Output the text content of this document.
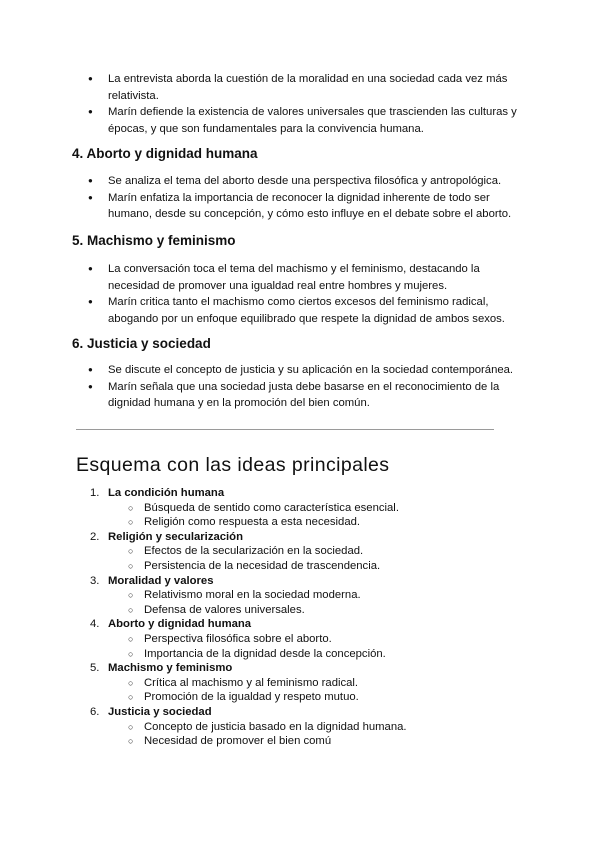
● La entrevista aborda la cuestión de la moralidad en una sociedad cada vez más relativista.
● Marín defiende la existencia de valores universales que trascienden las culturas y épocas, y que son fundamentales para la convivencia humana.
4. Aborto y dignidad humana
● Se analiza el tema del aborto desde una perspectiva filosófica y antropológica.
● Marín enfatiza la importancia de reconocer la dignidad inherente de todo ser humano, desde su concepción, y cómo esto influye en el debate sobre el aborto.
5. Machismo y feminismo
● La conversación toca el tema del machismo y el feminismo, destacando la necesidad de promover una igualdad real entre hombres y mujeres.
● Marín critica tanto el machismo como ciertos excesos del feminismo radical, abogando por un enfoque equilibrado que respete la dignidad de ambos sexos.
6. Justicia y sociedad
● Se discute el concepto de justicia y su aplicación en la sociedad contemporánea.
● Marín señala que una sociedad justa debe basarse en el reconocimiento de la dignidad humana y en la promoción del bien común.
Esquema con las ideas principales
1. La condición humana
○ Búsqueda de sentido como característica esencial.
○ Religión como respuesta a esta necesidad.
2. Religión y secularización
○ Efectos de la secularización en la sociedad.
○ Persistencia de la necesidad de trascendencia.
3. Moralidad y valores
○ Relativismo moral en la sociedad moderna.
○ Defensa de valores universales.
4. Aborto y dignidad humana
○ Perspectiva filosófica sobre el aborto.
○ Importancia de la dignidad desde la concepción.
5. Machismo y feminismo
○ Crítica al machismo y al feminismo radical.
○ Promoción de la igualdad y respeto mutuo.
6. Justicia y sociedad
○ Concepto de justicia basado en la dignidad humana.
○ Necesidad de promover el bien comú
